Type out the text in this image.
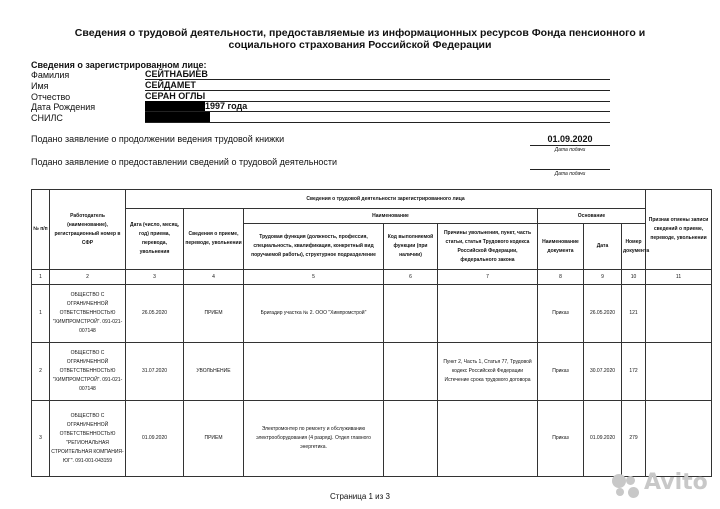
Сведения о трудовой деятельности, предоставляемые из информационных ресурсов Фонда пенсионного и социального страхования Российской Федерации
Сведения о зарегистрированном лице:
Фамилия	СЕЙТНАБИЕВ
Имя	СЕЙДАМЕТ
Отчество	СЕРАН ОГЛЫ
Дата Рождения	1997 года
СНИЛС
Подано заявление о продолжении ведения трудовой книжки	01.09.2020
Дата подачи
Подано заявление о предоставлении сведений о трудовой деятельности
Дата подачи
№ п/п	Работодатель (наименование), регистрационный номер в СФР	Сведения о трудовой деятельности зарегистрированного лица								Признак отмены записи сведений о приеме, переводе, увольнении
		Дата (число, месяц, год) приема, перевода, увольнения	Сведения о приеме, переводе, увольнении	Наименование			Основание			
				Трудовая функция (должность, профессия, специальность, квалификация, конкретный вид поручаемой работы), структурное подразделение	Код выполняемой функции (при наличии)	Причины увольнения, пункт, часть статьи, статья Трудового кодекса Российской Федерации, федерального закона	Наименование документа	Дата	Номер документа	
1	2	3	4	5	6	7	8	9	10	11
1	ОБЩЕСТВО С ОГРАНИЧЕННОЙ ОТВЕТСТВЕННОСТЬЮ "ХИМПРОМСТРОЙ". 091-021-007148	26.05.2020	ПРИЕМ	Бригадир участка № 2. ООО "Химпромстрой"			Приказ	26.05.2020	121	
2	ОБЩЕСТВО С ОГРАНИЧЕННОЙ ОТВЕТСТВЕННОСТЬЮ "ХИМПРОМСТРОЙ". 091-021-007148	31.07.2020	УВОЛЬНЕНИЕ			Пункт 2, Часть 1, Статья 77, Трудовой кодекс Российской Федерации Истечение срока трудового договора	Приказ	30.07.2020	172	
3	ОБЩЕСТВО С ОГРАНИЧЕННОЙ ОТВЕТСТВЕННОСТЬЮ "РЕГИОНАЛЬНАЯ СТРОИТЕЛЬНАЯ КОМПАНИЯ-ЮГ". 091-001-043159	01.09.2020	ПРИЕМ	Электромонтер по ремонту и обслуживанию электрооборудования (4 разряд). Отдел главного энергетика.			Приказ	01.09.2020	279	
Страница 1 из 3
Avito
